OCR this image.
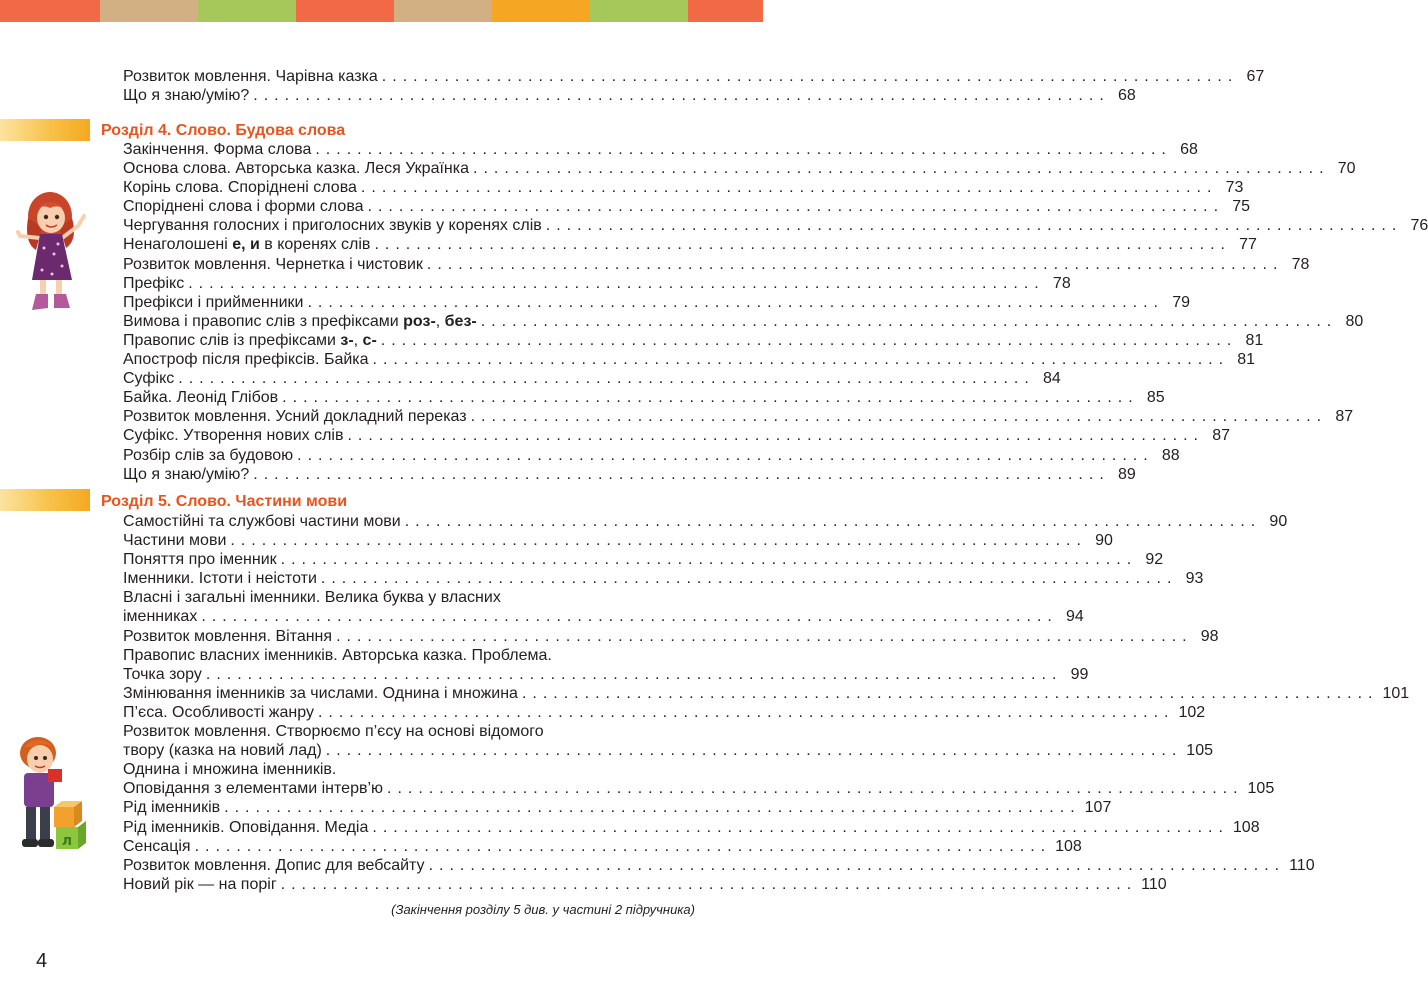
Розвиток мовлення. Чарівна казка .................................................................................. 67
Що я знаю/умію? .................................................................................. 68
Розділ 4. Слово. Будова слова
Закінчення. Форма слова .................................................................................. 68
Основа слова. Авторська казка. Леся Українка .................................................................................. 70
Корінь слова. Споріднені слова .................................................................................. 73
Споріднені слова і форми слова .................................................................................. 75
Чергування голосних і приголосних звуків у коренях слів .................................................................................. 76
Ненаголошені е, и в коренях слів .................................................................................. 77
Розвиток мовлення. Чернетка і чистовик .................................................................................. 78
Префікс .................................................................................. 78
Префікси і прийменники .................................................................................. 79
Вимова і правопис слів з префіксами роз-, без- .................................................................................. 80
Правопис слів із префіксами з-, с- .................................................................................. 81
Апостроф після префіксів. Байка .................................................................................. 81
Суфікс .................................................................................. 84
Байка. Леонід Глібов .................................................................................. 85
Розвиток мовлення. Усний докладний переказ .................................................................................. 87
Суфікс. Утворення нових слів .................................................................................. 87
Розбір слів за будовою .................................................................................. 88
Що я знаю/умію? .................................................................................. 89
Розділ 5. Слово. Частини мови
Самостійні та службові частини мови .................................................................................. 90
Частини мови .................................................................................. 90
Поняття про іменник .................................................................................. 92
Іменники. Істоти і неістоти .................................................................................. 93
Власні і загальні іменники. Велика буква у власних
іменниках .................................................................................. 94
Розвиток мовлення. Вітання .................................................................................. 98
Правопис власних іменників. Авторська казка. Проблема.
Точка зору .................................................................................. 99
Змінювання іменників за числами. Однина і множина .................................................................................. 101
П’єса. Особливості жанру .................................................................................. 102
Розвиток мовлення. Створюємо п’єсу на основі відомого
твору (казка на новий лад) .................................................................................. 105
Однина і множина іменників.
Оповідання з елементами інтерв’ю .................................................................................. 105
Рід іменників .................................................................................. 107
Рід іменників. Оповідання. Медіа .................................................................................. 108
Сенсація .................................................................................. 108
Розвиток мовлення. Допис для вебсайту .................................................................................. 110
Новий рік — на поріг .................................................................................. 110
л
(Закінчення розділу 5 див. у частині 2 підручника)
4
